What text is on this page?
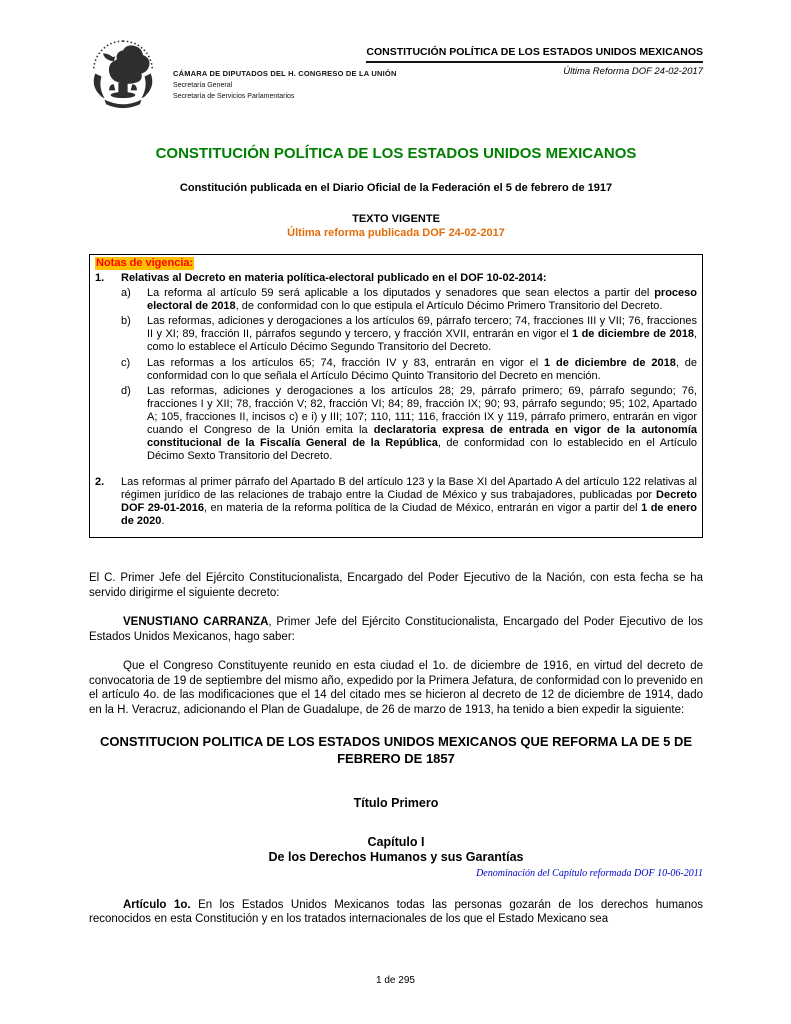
CÁMARA DE DIPUTADOS DEL H. CONGRESO DE LA UNIÓN
Secretaría General
Secretaría de Servicios Parlamentarios
CONSTITUCIÓN POLÍTICA DE LOS ESTADOS UNIDOS MEXICANOS
Última Reforma DOF 24-02-2017
CONSTITUCIÓN POLÍTICA DE LOS ESTADOS UNIDOS MEXICANOS
Constitución publicada en el Diario Oficial de la Federación el 5 de febrero de 1917
TEXTO VIGENTE
Última reforma publicada DOF 24-02-2017
Notas de vigencia:
1.	Relativas al Decreto en materia política-electoral publicado en el DOF 10-02-2014:
a)	La reforma al artículo 59 será aplicable a los diputados y senadores que sean electos a partir del proceso electoral de 2018, de conformidad con lo que estipula el Artículo Décimo Primero Transitorio del Decreto.
b)	Las reformas, adiciones y derogaciones a los artículos 69, párrafo tercero; 74, fracciones III y VII; 76, fracciones II y XI; 89, fracción II, párrafos segundo y tercero, y fracción XVII, entrarán en vigor el 1 de diciembre de 2018, como lo establece el Artículo Décimo Segundo Transitorio del Decreto.
c)	Las reformas a los artículos 65; 74, fracción IV y 83, entrarán en vigor el 1 de diciembre de 2018, de conformidad con lo que señala el Artículo Décimo Quinto Transitorio del Decreto en mención.
d)	Las reformas, adiciones y derogaciones a los artículos 28; 29, párrafo primero; 69, párrafo segundo; 76, fracciones I y XII; 78, fracción V; 82, fracción VI; 84; 89, fracción IX; 90; 93, párrafo segundo; 95; 102, Apartado A; 105, fracciones II, incisos c) e i) y III; 107; 110, 111; 116, fracción IX y 119, párrafo primero, entrarán en vigor cuando el Congreso de la Unión emita la declaratoria expresa de entrada en vigor de la autonomía constitucional de la Fiscalía General de la República, de conformidad con lo establecido en el Artículo Décimo Sexto Transitorio del Decreto.
2.	Las reformas al primer párrafo del Apartado B del artículo 123 y la Base XI del Apartado A del artículo 122 relativas al régimen jurídico de las relaciones de trabajo entre la Ciudad de México y sus trabajadores, publicadas por Decreto DOF 29-01-2016, en materia de la reforma política de la Ciudad de México, entrarán en vigor a partir del 1 de enero de 2020.

El C. Primer Jefe del Ejército Constitucionalista, Encargado del Poder Ejecutivo de la Nación, con esta fecha se ha servido dirigirme el siguiente decreto:

VENUSTIANO CARRANZA, Primer Jefe del Ejército Constitucionalista, Encargado del Poder Ejecutivo de los Estados Unidos Mexicanos, hago saber:

Que el Congreso Constituyente reunido en esta ciudad el 1o. de diciembre de 1916, en virtud del decreto de convocatoria de 19 de septiembre del mismo año, expedido por la Primera Jefatura, de conformidad con lo prevenido en el artículo 4o. de las modificaciones que el 14 del citado mes se hicieron al decreto de 12 de diciembre de 1914, dado en la H. Veracruz, adicionando el Plan de Guadalupe, de 26 de marzo de 1913, ha tenido a bien expedir la siguiente:

CONSTITUCION POLITICA DE LOS ESTADOS UNIDOS MEXICANOS QUE REFORMA LA DE 5 DE FEBRERO DE 1857
Título Primero
Capítulo I
De los Derechos Humanos y sus Garantías
Denominación del Capítulo reformada DOF 10-06-2011

Artículo 1o. En los Estados Unidos Mexicanos todas las personas gozarán de los derechos humanos reconocidos en esta Constitución y en los tratados internacionales de los que el Estado Mexicano sea

1 de 295
